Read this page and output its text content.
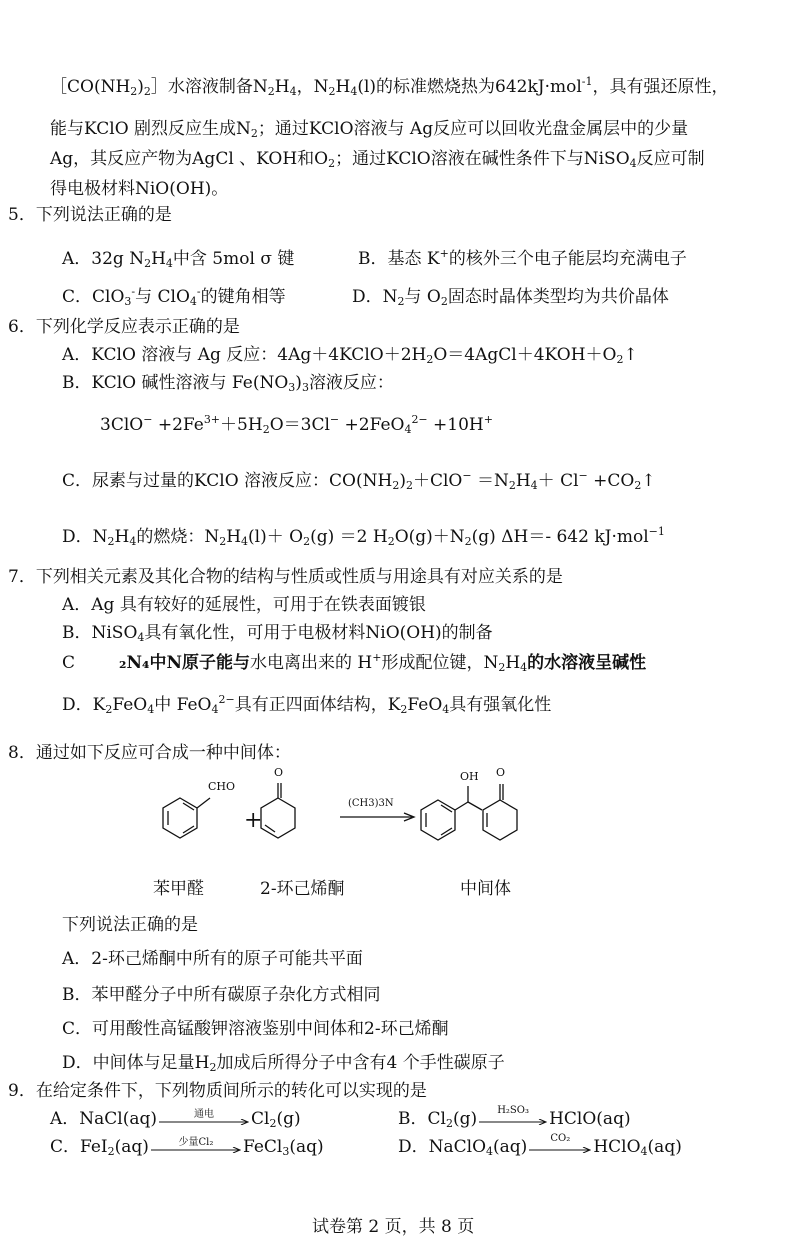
$[CO(NH_2)_2]$水溶液制备$N_2H_4$，$N_2H_4(l)$的标准燃烧热为642kJ·mol$^{-1}$，具有强还原性，
能与KClO 剧烈反应生成$N_2$；通过KClO溶液与 Ag反应可以回收光盘金属层中的少量
Ag，其反应产物为AgCl 、KOH和$O_2$；通过KClO溶液在碱性条件下与NiSO$_4$反应可制
得电极材料NiO(OH)。
5．下列说法正确的是
A．32g $N_2H_4$中含 5mol σ 键	B．基态 K+的核外三个电子能层均充满电子
C．ClO$_3$-与 ClO$_4$-的键角相等	D．$N_2$与 $O_2$固态时晶体类型均为共价晶体
6．下列化学反应表示正确的是
A．KClO 溶液与 Ag 反应：$4Ag+4KClO+2H_2O=4AgCl+4KOH+O_2↑$
B．KClO 碱性溶液与 $Fe(NO_3)_3$溶液反应：
$3ClO^- +2Fe^{3+}+5H_2O=3Cl^- +2FeO_4^{2-} +10H^+$
C．尿素与过量的KClO 溶液反应：$CO(NH_2)_2+ClO^- =N_2H_4+ Cl^-$ $+CO_2↑$
D．$N_2H_4$的燃烧：$N_2H_4(l)+ O_2(g) =2$ $H_2O(g)+N_2(g)$ ΔH＝- 642 kJ·mol$^{-1}$
7．下列相关元素及其化合物的结构与性质或性质与用途具有对应关系的是
A．Ag 具有较好的延展性，可用于在铁表面镀银
B．NiSO$_4$具有氧化性，可用于电极材料NiO(OH)的制备
C	₂N₄中N原子能与水电离出来的 H+形成配位键，$N_2H_4$的水溶液呈碱性
D．$K_2FeO_4$中 FeO$_4^{2-}$具有正四面体结构，$K_2FeO_4$具有强氧化性
8．通过如下反应可合成一种中间体：
CHO
O
+
(CH3)3N
OH O
苯甲醛	2-环己烯酮	中间体
下列说法正确的是
A．2-环己烯酮中所有的原子可能共平面
B．苯甲醛分子中所有碳原子杂化方式相同
C．可用酸性高锰酸钾溶液鉴别中间体和2-环己烯酮
D．中间体与足量$H_2$加成后所得分子中含有4 个手性碳原子
9．在给定条件下，下列物质间所示的转化可以实现的是
A．NaCl(aq)	通电	$Cl_2(g)$	B．$Cl_2(g)$	H₂SO₃	HClO(aq)
C．FeI$_2$(aq)	少量Cl₂	FeCl$_3$(aq)	D．NaClO$_4$(aq)	CO₂	HClO$_4$(aq)
试卷第 2 页，共 8 页
